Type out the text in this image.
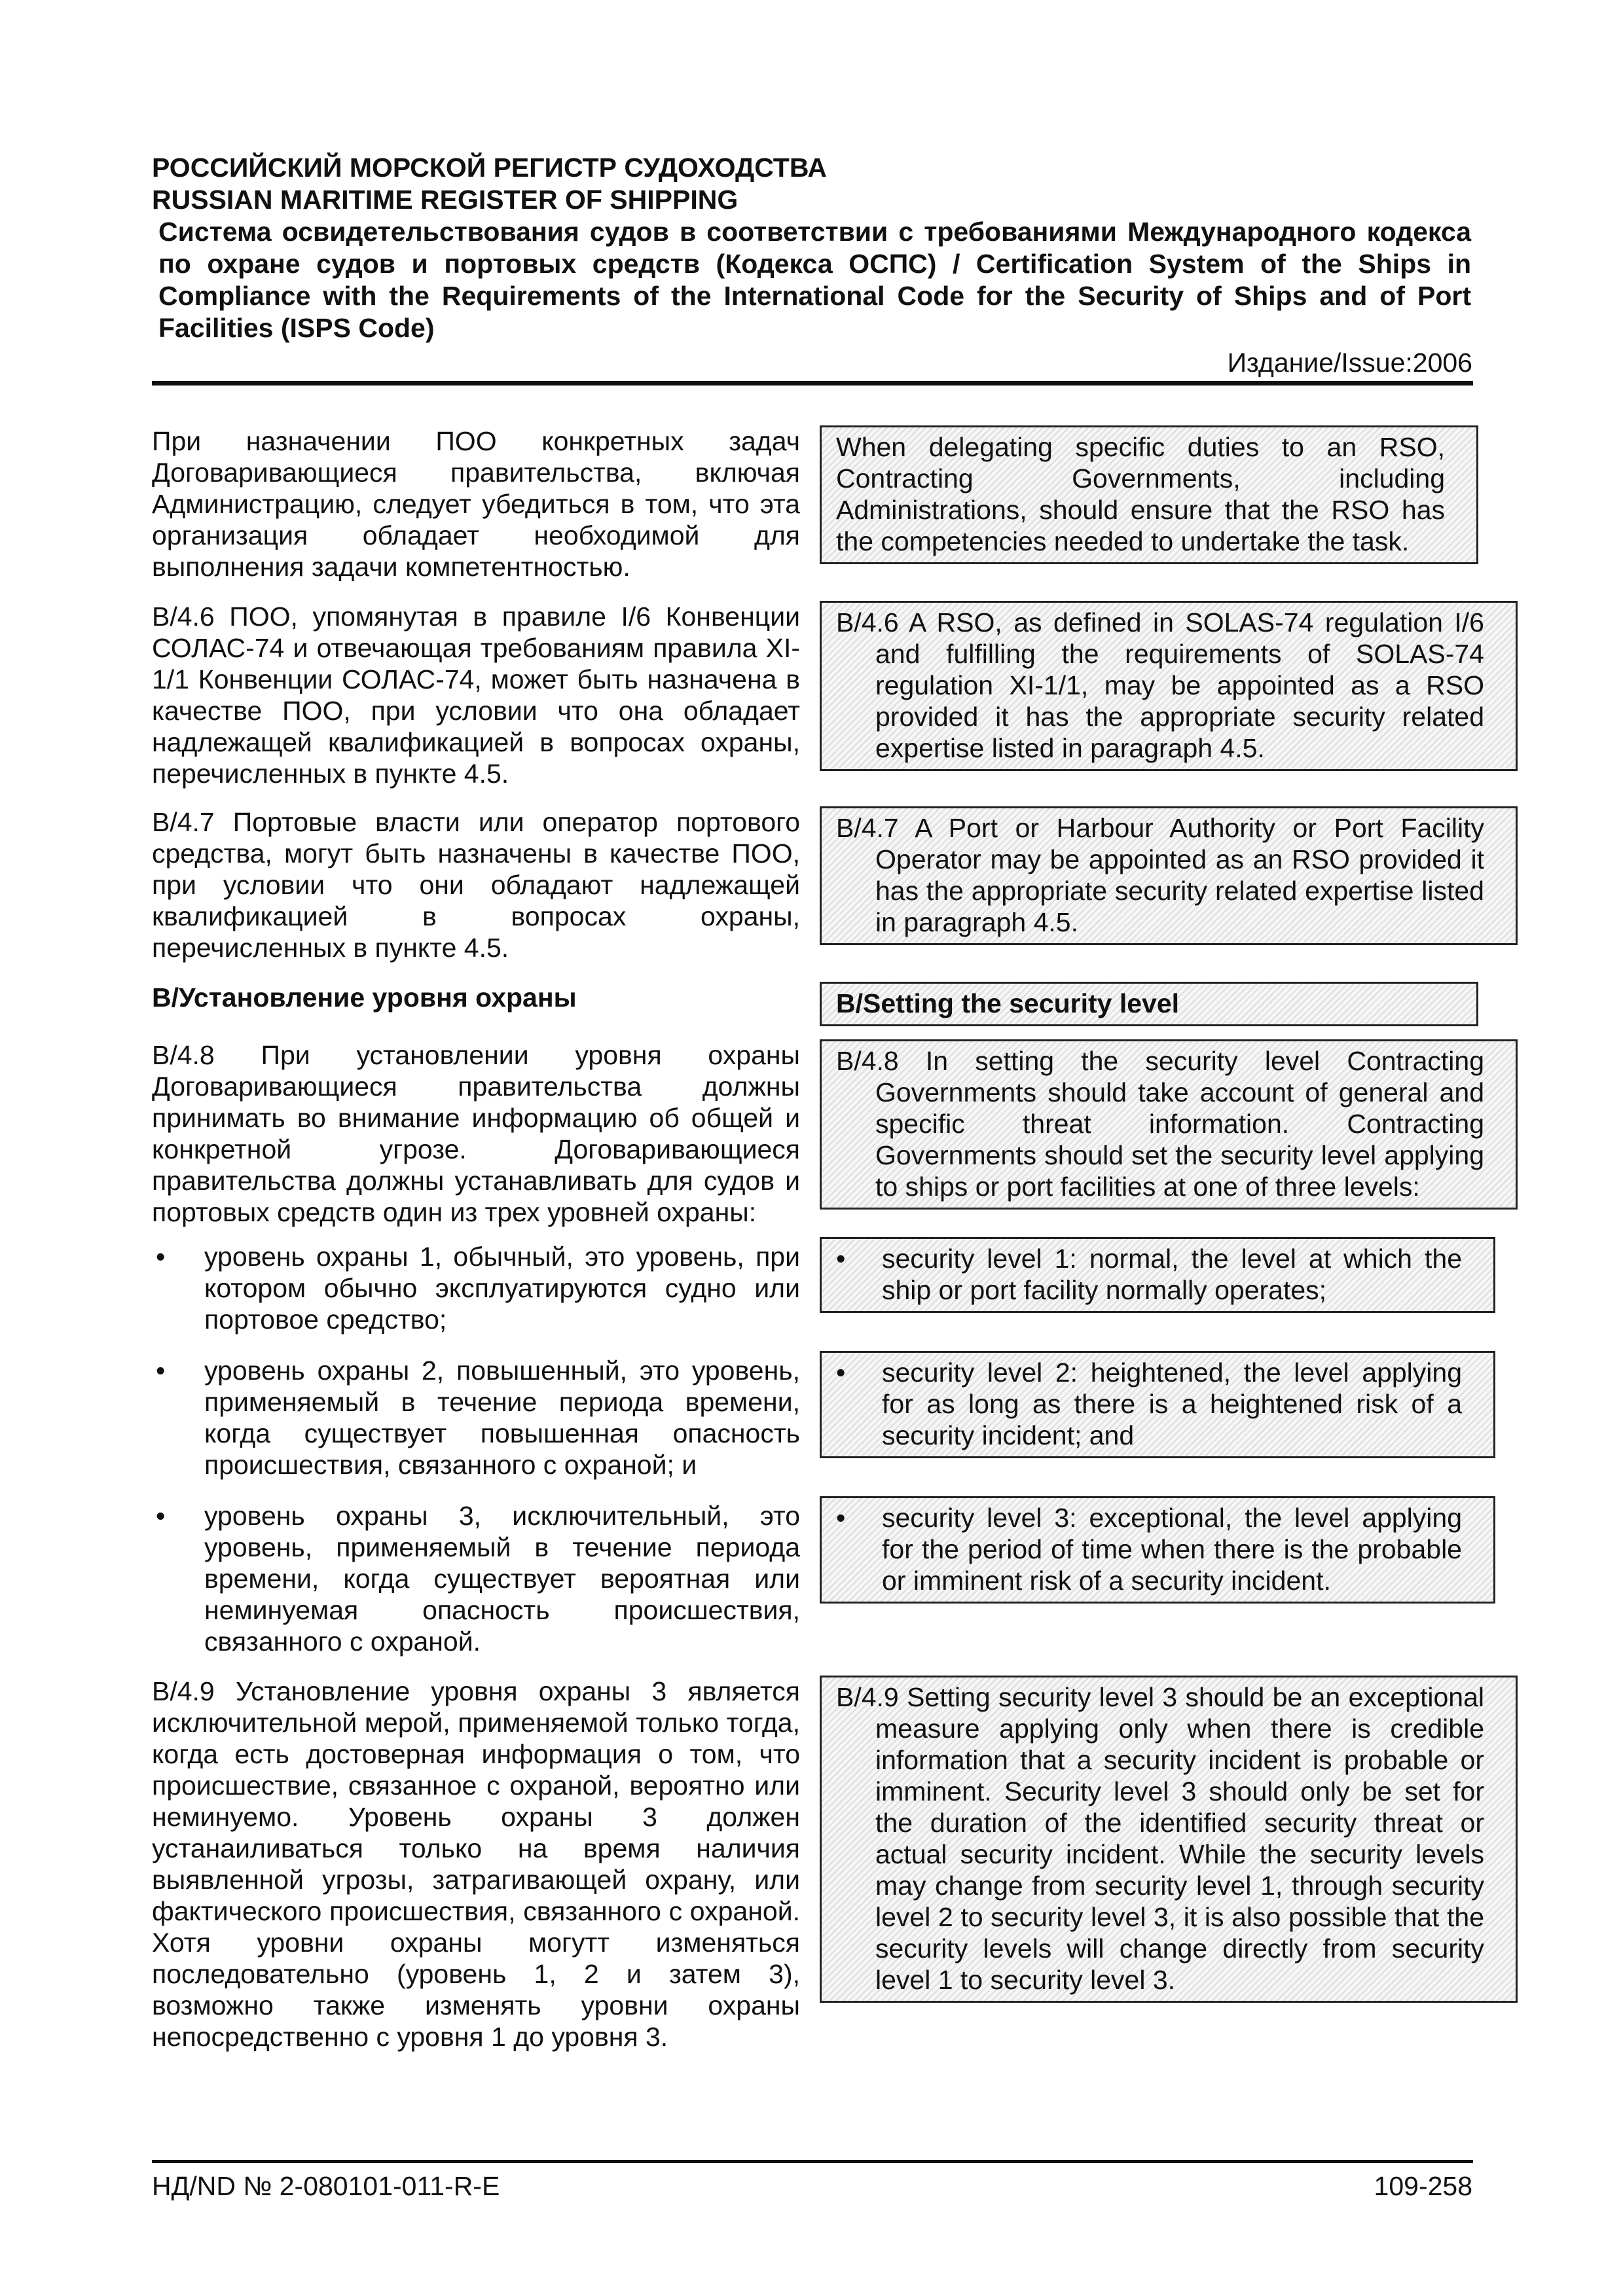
РОССИЙСКИЙ МОРСКОЙ РЕГИСТР СУДОХОДСТВА
RUSSIAN MARITIME REGISTER OF SHIPPING
Система освидетельствования судов в соответствии с требованиями Международного кодекса по охране судов и портовых средств (Кодекса ОСПС) / Certification System of the Ships in Compliance with the Requirements of the International Code for the Security of Ships and of Port Facilities (ISPS Code)
Издание/Issue:2006
При назначении ПОО конкретных задач Договаривающиеся правительства, включая Администрацию, следует убедиться в том, что эта организация обладает необходимой для выполнения задачи компетентностью.
When delegating specific duties to an RSO, Contracting Governments, including Administrations, should ensure that the RSO has the competencies needed to undertake the task.
В/4.6 ПОО, упомянутая в правиле I/6 Конвенции СОЛАС-74 и отвечающая требованиям правила XI-1/1 Конвенции СОЛАС-74, может быть назначена в качестве ПОО, при условии что она обладает надлежащей квалификацией в вопросах охраны, перечисленных в пункте 4.5.
B/4.6 A RSO, as defined in SOLAS-74 regulation I/6 and fulfilling the requirements of SOLAS-74 regulation XI-1/1, may be appointed as a RSO provided it has the appropriate security related expertise listed in paragraph 4.5.
В/4.7 Портовые власти или оператор портового средства, могут быть назначены в качестве ПОО, при условии что они обладают надлежащей квалификацией в вопросах охраны, перечисленных в пункте 4.5.
B/4.7 A Port or Harbour Authority or Port Facility Operator may be appointed as an RSO provided it has the appropriate security related expertise listed in paragraph 4.5.
В/Установление уровня охраны	B/Setting the security level
В/4.8 При установлении уровня охраны Договаривающиеся правительства должны принимать во внимание информацию об общей и конкретной угрозе. Договаривающиеся правительства должны устанавливать для судов и портовых средств один из трех уровней охраны:
B/4.8 In setting the security level Contracting Governments should take account of general and specific threat information. Contracting Governments should set the security level applying to ships or port facilities at one of three levels:
• уровень охраны 1, обычный, это уровень, при котором обычно эксплуатируются судно или портовое средство;
• security level 1: normal, the level at which the ship or port facility normally operates;
• уровень охраны 2, повышенный, это уровень, применяемый в течение периода времени, когда существует повышенная опасность происшествия, связанного с охраной; и
• security level 2: heightened, the level applying for as long as there is a heightened risk of a security incident; and
• уровень охраны 3, исключительный, это уровень, применяемый в течение периода времени, когда существует вероятная или неминуемая опасность происшествия, связанного с охраной.
• security level 3: exceptional, the level applying for the period of time when there is the probable or imminent risk of a security incident.
В/4.9 Установление уровня охраны 3 является исключительной мерой, применяемой только тогда, когда есть достоверная информация о том, что происшествие, связанное с охраной, вероятно или неминуемо. Уровень охраны 3 должен устанаиливаться только на время наличия выявленной угрозы, затрагивающей охрану, или фактического происшествия, связанного с охраной. Хотя уровни охраны могутт изменяться последовательно (уровень 1, 2 и затем 3), возможно также изменять уровни охраны непосредственно с уровня 1 до уровня 3.
B/4.9 Setting security level 3 should be an exceptional measure applying only when there is credible information that a security incident is probable or imminent. Security level 3 should only be set for the duration of the identified security threat or actual security incident. While the security levels may change from security level 1, through security level 2 to security level 3, it is also possible that the security levels will change directly from security level 1 to security level 3.
НД/ND № 2-080101-011-R-E	109-258
